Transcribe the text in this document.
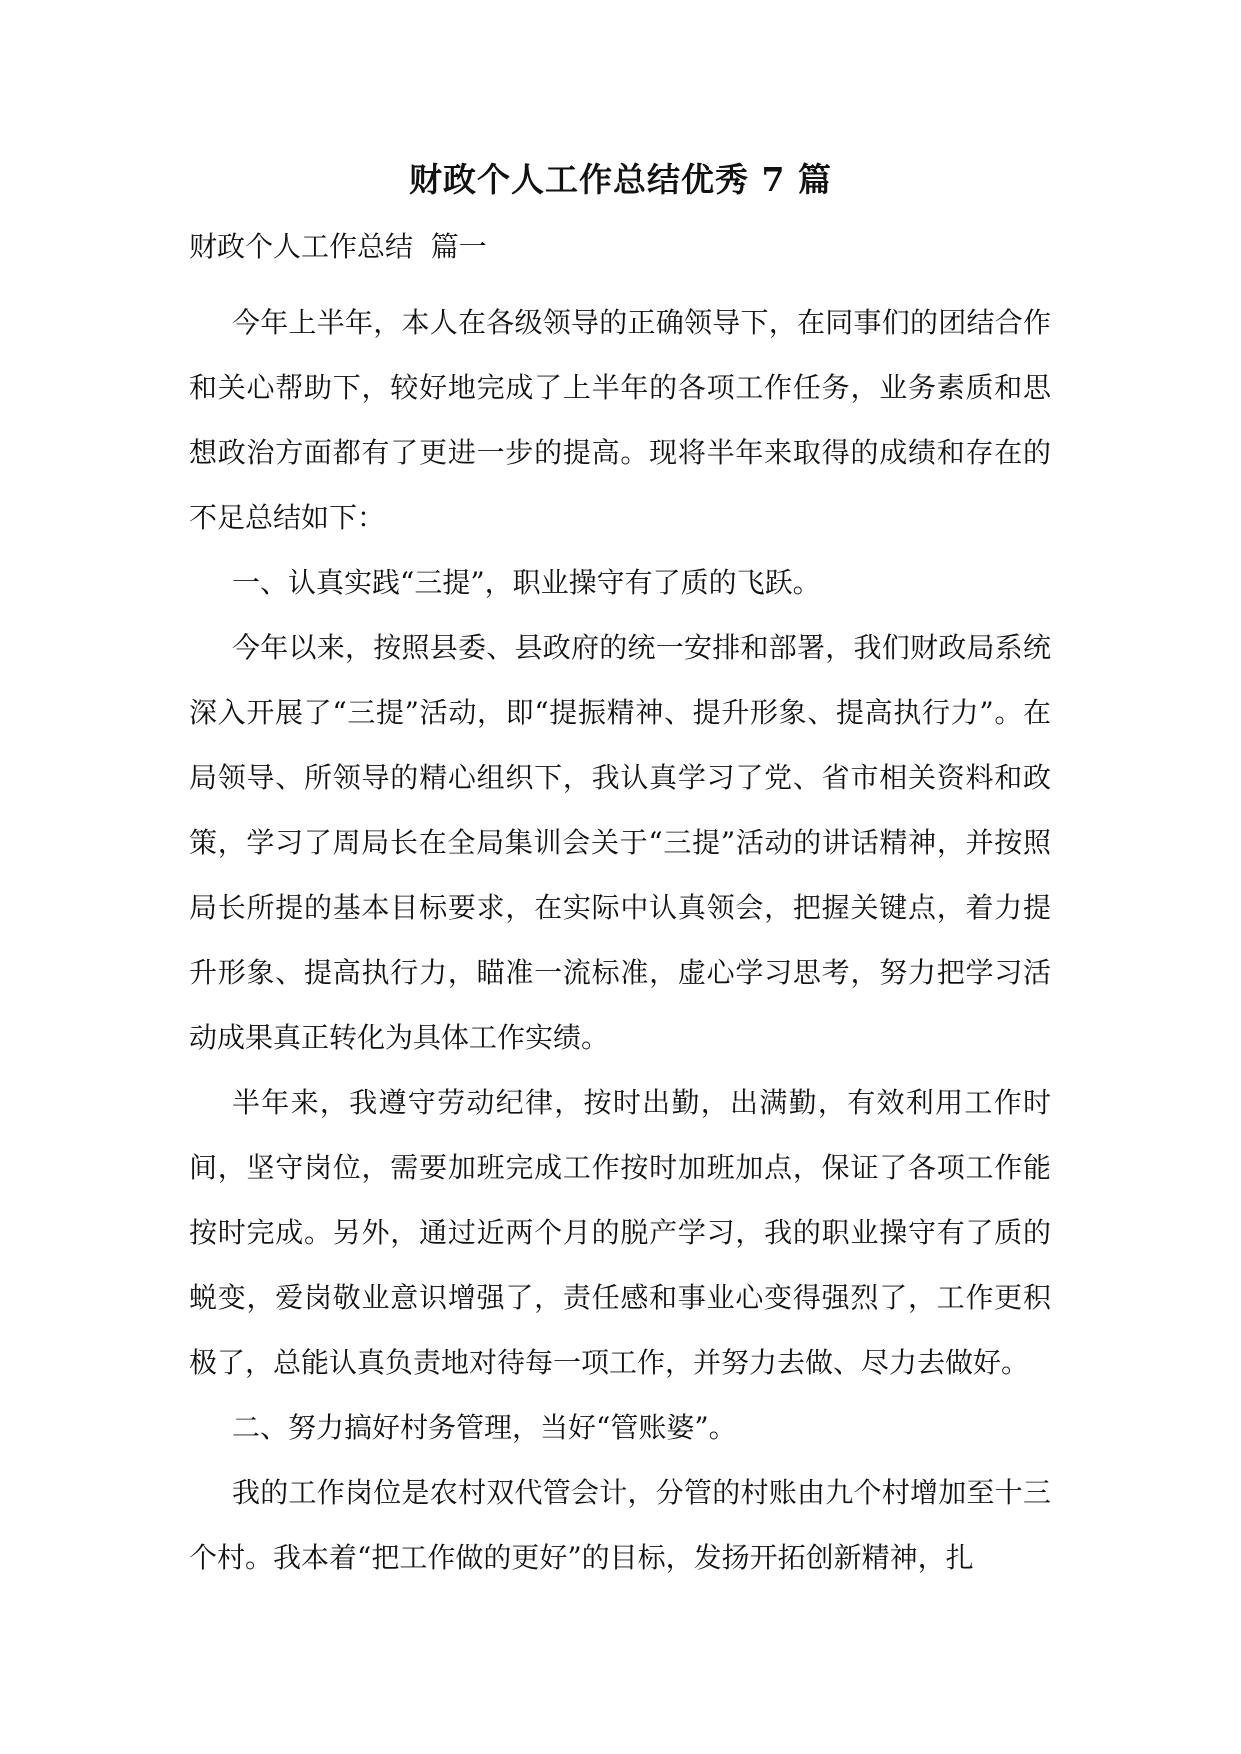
财政个人工作总结优秀 7 篇
财政个人工作总结  篇一

今年上半年，本人在各级领导的正确领导下，在同事们的团结合作和关心帮助下，较好地完成了上半年的各项工作任务，业务素质和思想政治方面都有了更进一步的提高。现将半年来取得的成绩和存在的不足总结如下：

一、认真实践“三提”，职业操守有了质的飞跃。

今年以来，按照县委、县政府的统一安排和部署，我们财政局系统深入开展了“三提”活动，即“提振精神、提升形象、提高执行力”。在局领导、所领导的精心组织下，我认真学习了党、省市相关资料和政策，学习了周局长在全局集训会关于“三提”活动的讲话精神，并按照局长所提的基本目标要求，在实际中认真领会，把握关键点，着力提升形象、提高执行力，瞄准一流标准，虚心学习思考，努力把学习活动成果真正转化为具体工作实绩。

半年来，我遵守劳动纪律，按时出勤，出满勤，有效利用工作时间，坚守岗位，需要加班完成工作按时加班加点，保证了各项工作能按时完成。另外，通过近两个月的脱产学习，我的职业操守有了质的蜕变，爱岗敬业意识增强了，责任感和事业心变得强烈了，工作更积极了，总能认真负责地对待每一项工作，并努力去做、尽力去做好。

二、努力搞好村务管理，当好“管账婆”。

我的工作岗位是农村双代管会计，分管的村账由九个村增加至十三个村。我本着“把工作做的更好”的目标，发扬开拓创新精神，扎
